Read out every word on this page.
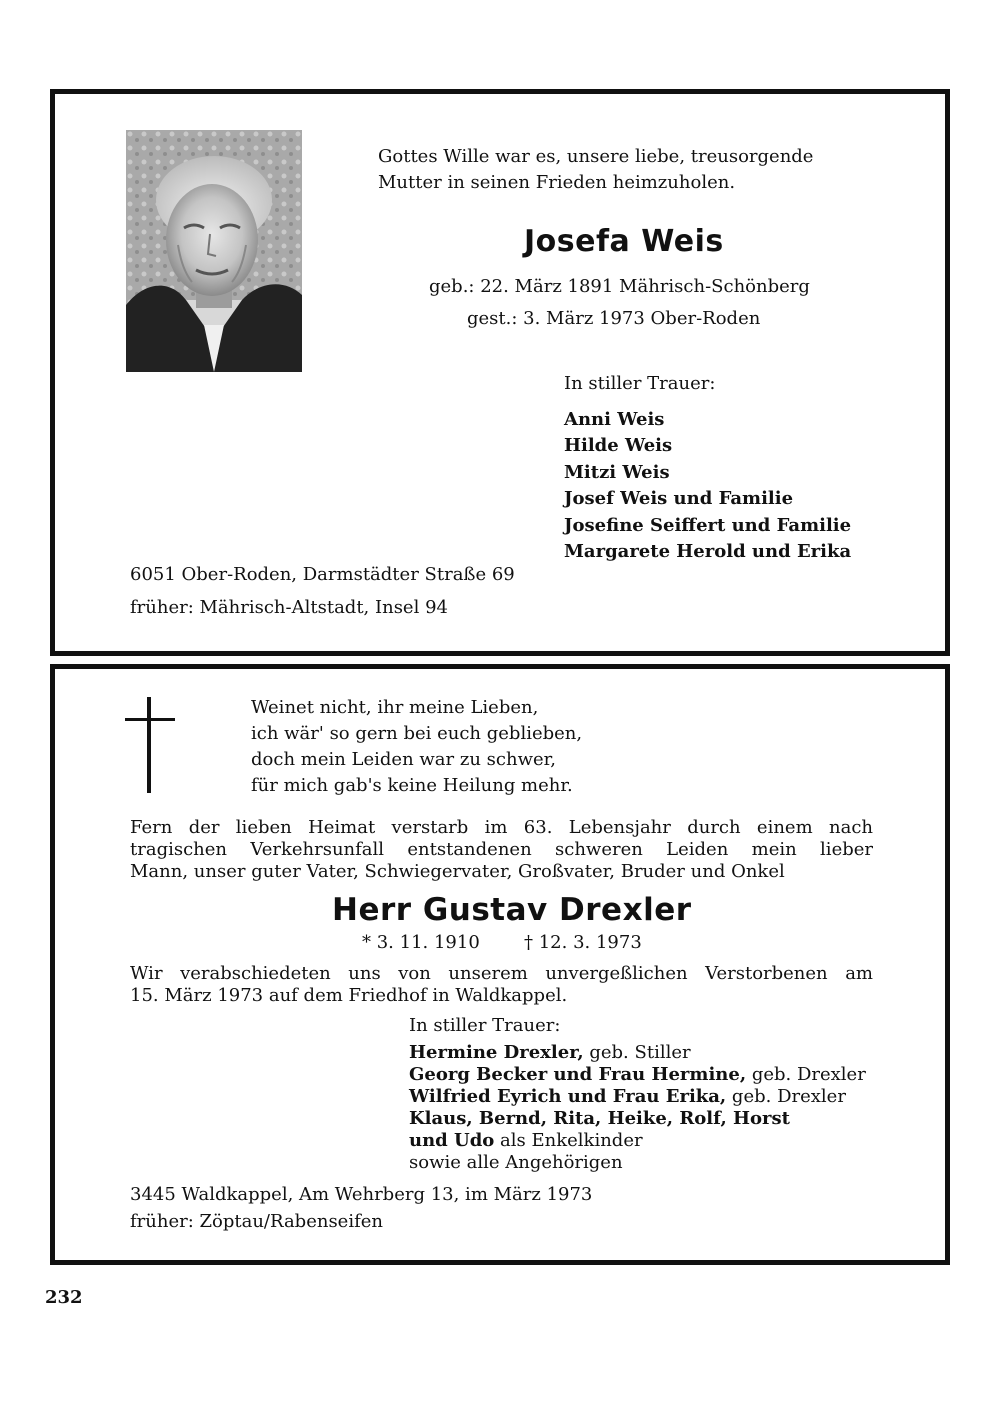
Gottes Wille war es, unsere liebe, treusorgende
Mutter in seinen Frieden heimzuholen.
Josefa Weis
geb.: 22. März 1891 Mährisch-Schönberg
gest.: 3. März 1973 Ober-Roden
In stiller Trauer:
Anni Weis
Hilde Weis
Mitzi Weis
Josef Weis und Familie
Josefine Seiffert und Familie
Margarete Herold und Erika
6051 Ober-Roden, Darmstädter Straße 69
früher: Mährisch-Altstadt, Insel 94
Weinet nicht, ihr meine Lieben,
ich wär' so gern bei euch geblieben,
doch mein Leiden war zu schwer,
für mich gab's keine Heilung mehr.
Fern der lieben Heimat verstarb im 63. Lebensjahr durch einem nach
tragischen Verkehrsunfall entstandenen schweren Leiden mein lieber
Mann, unser guter Vater, Schwiegervater, Großvater, Bruder und Onkel
Herr Gustav Drexler
* 3. 11. 1910 † 12. 3. 1973
Wir verabschiedeten uns von unserem unvergeßlichen Verstorbenen am
15. März 1973 auf dem Friedhof in Waldkappel.
In stiller Trauer:
Hermine Drexler, geb. Stiller
Georg Becker und Frau Hermine, geb. Drexler
Wilfried Eyrich und Frau Erika, geb. Drexler
Klaus, Bernd, Rita, Heike, Rolf, Horst
und Udo als Enkelkinder
sowie alle Angehörigen
3445 Waldkappel, Am Wehrberg 13, im März 1973
früher: Zöptau/Rabenseifen
232
